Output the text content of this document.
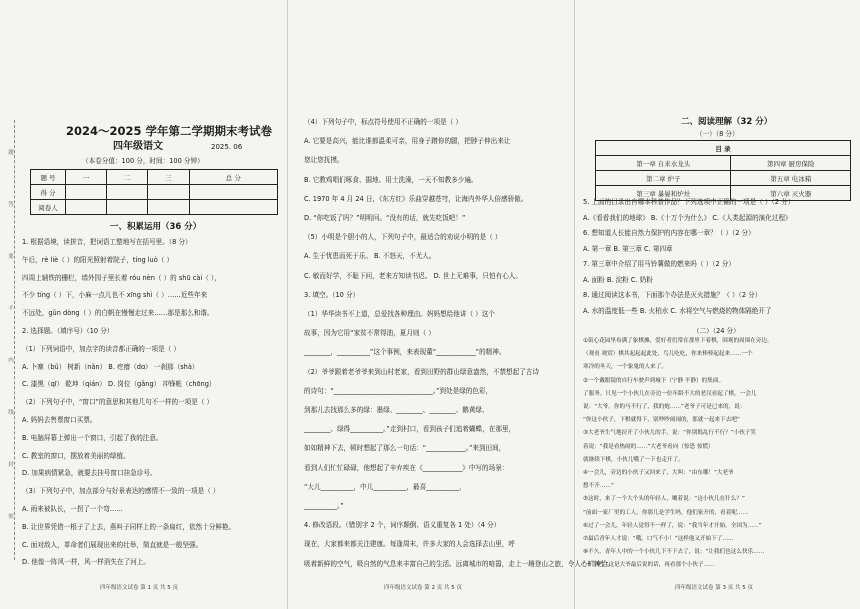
题
答
要
不
内
线
封
密
2024～2025 学年第二学期期末考试卷
四年级语文	2025. 06
（本卷分值：100 分，时间：100 分钟）
题 号	一	二	三	总 分
得 分				
阅卷人				
一、积累运用（36 分）
1. 根据语境，读拼音，把词语工整地写在括号里。（8 分）
午后，rè liè（ ）的阳光照射着院子，tíng luò（ ）
四周上辅铁的栅栏，墙外园子里长着 róu nèn（ ）的 shū cài（ ），
不少 tíng（ ）下，小麻一点儿也不 xīng shì（ ）……近些年来
不远处，gǔn dòng（ ）的白帆在慢慢走过来……那是那么和谐。
2. 选择题。（填序号）（10 分）
（1）下列词语中，加点字的读音都正确的一项是（ ）
A. 卜寨（bǔ） 树新（nǎn） B. 疙瘩（dɑ） 一刹那（shà）
C. 漆黑（qī） 乾坤（qián） D. 岗位（gǎng） 冲锋帐（chōng）
（2）下列句子中，“窗口”的意思和其他几句不一样的一项是（ ）
A. 妈妈去售票窗口买票。
B. 电脑屏幕上弹出一个窗口，引起了我的注意。
C. 教室的窗口，摆放着美丽的绿植。
D. 加果病情紧急，就要去挂号窗口挂急诊号。
（3）下列句子中，加点部分与好景表达的感情不一致的一项是（ ）
A. 雨来被队长，一拐了一个弯……
B. 让世界凭借一根子了上去，燕叫子同样上的一条扁红，依然十分鲜艳。
C. 面对敌人，革命者们展现出来的壮举，简直就是一般坚强。
D. 他像一阵风一样，风一样消失在了河上。
四年级语文试卷 第 1 页 共 5 页
（4）下列句子中，标点符号使用不正确的一项是（ ）
A. 它要是高兴，能比谁都温柔可亲，用身子蹭你的腿，把脖子伸出来让
您让您抚摸。
B. 它教鸡唱们啄食、掘地、用土洗澡，一天不知教多少遍。
C. 1970 年 4 月 24 日，《东方红》乐曲穿越苍穹，让海内外华人倍感骄傲。
D. “你吃饭了吗？”明明问。“没有的话，就先吃饭吧！”
（5）小明是个胆小的人，下列句子中，最适合的劝说小明的是（ ）
A. 生于忧患而死于乐。 B. 不怒天，不尤人。
C. 敏而好学，不耻下问，老来方知读书迟。 D. 世上无难事，只怕有心人。
3. 填空。（10 分）
（1）华华读书不上道，总爱找各种理由。妈妈想给他讲（ ）这个
故事，因为它用“家贫不常得油，夏月则（ ）
________，__________”这个事例，来表现董“____________”的精神。
（2）爷爷跟着老爷爷来到山村老家，看到田野的群山绿意盎然，不禁想起了古诗
的诗句：“______________________________。”到处是绿的色彩，
到那儿去找那么多的绿：墨绿、________、________、鹅黄绿、
________、绿得__________。”走到村口，看到孩子们追着蝴蝶，在那里，
如如精神下去，顿时想起了那么一句话：“____________。”来到田间，
看到人们忙忙碌碌，他想起了辛弃疾在《____________》中写的场景：
“大儿__________，中儿__________，最喜__________，
__________。”
4. 修改语段。（错别字 2 个，词序颠倒、语义重复各 1 处）（4 分）
现在，大家都来都关注建康。每逢周末，许多大家的人会选择去山里，呼
吸着新鲜的空气，吸自然的气息来丰富自己的生活。远离城市的喧嚣，走上一趟登山之旅，令人心旷神怡。
四年级语文试卷 第 2 页 共 5 页
二、阅读理解（32 分）
（一）（8 分）
目 录	
第一章 自来水龙头	第四章 厨房保险
第二章 炉子	第五章 电冰箱
第三章 暴晏和炉灶	第六章 灭火器
5. 上面的目录出自哪本科普作品？下列选项中正确的一项是（ ）（2 分）
A.《看看我们的地球》 B.《十万个为什么》 C.《人类起源的演化过程》
6. 想知道人长能自然力保护的内容在哪一章？（ ）（2 分）
A. 第一章 B. 第三章 C. 第四章
7. 第三章中介绍了用马铃薯做的燃来吗（ ）（2 分）
A. 面粉 B. 淀粉 C. 奶粉
8. 通过阅读这本书，下面那个办法是灭火措施？（ ）（2 分）
A. 水的温度低一些 B. 火柏水 C. 水将空气与燃烧的物体隔绝开了
（二）（24 分）
①街心花园里布满了象棋摊，爱好者们常在那里下着棋，围观的周围在旁边，
（观看 观赏）棋其起起起此处，鸟儿吃吃，你来棒棒起起来……一个
寒冷的冬天，一个象鬼的人来了。
②一个戴眼镜的自行车驶声到城下（宁静 平静）的集面。
了服务。只见一个小伙儿在旁边一位年龄不大的老汉看起了棋，一会儿
说：“大爷，你的马不行了，我的炮……”老爷子可是已来的，说：
“你这小伙子，下棋就得下，别吵吵闹闹的，那就一起来下去吧”
③大老爷生气地拉开了小伙儿的手，说：“你别捣乱行不行？”小伙子笑
着说：“我是看热闹的……”大老爷看向（惊恐 惊慌）
就继续下棋，小伙儿嘴了一下也走开了。
④一会儿，旁边的小伙子又回来了，大叫：“由东哪！”大老爷
想不开……”
⑤这时，来了一个大个头的年轻人，嚷着说：“这小伙儿在什么？”
“前面一家厂里的工人，你那儿是学生吗，他们家开的，看着呢……
⑥过了一会儿，年轻人觉得不一样了，说：“我当年才开始，全国为……”
⑦最后青年人才说：“哦，口气不小！”这样他又开始下了……
⑧不久，青年人中的一个小伙儿下不下去了，说：“让我们也这么快乐……
“一盘吧。”这是大爷最后说的话，再看那个小伙子……
四年级语文试卷 第 3 页 共 5 页
